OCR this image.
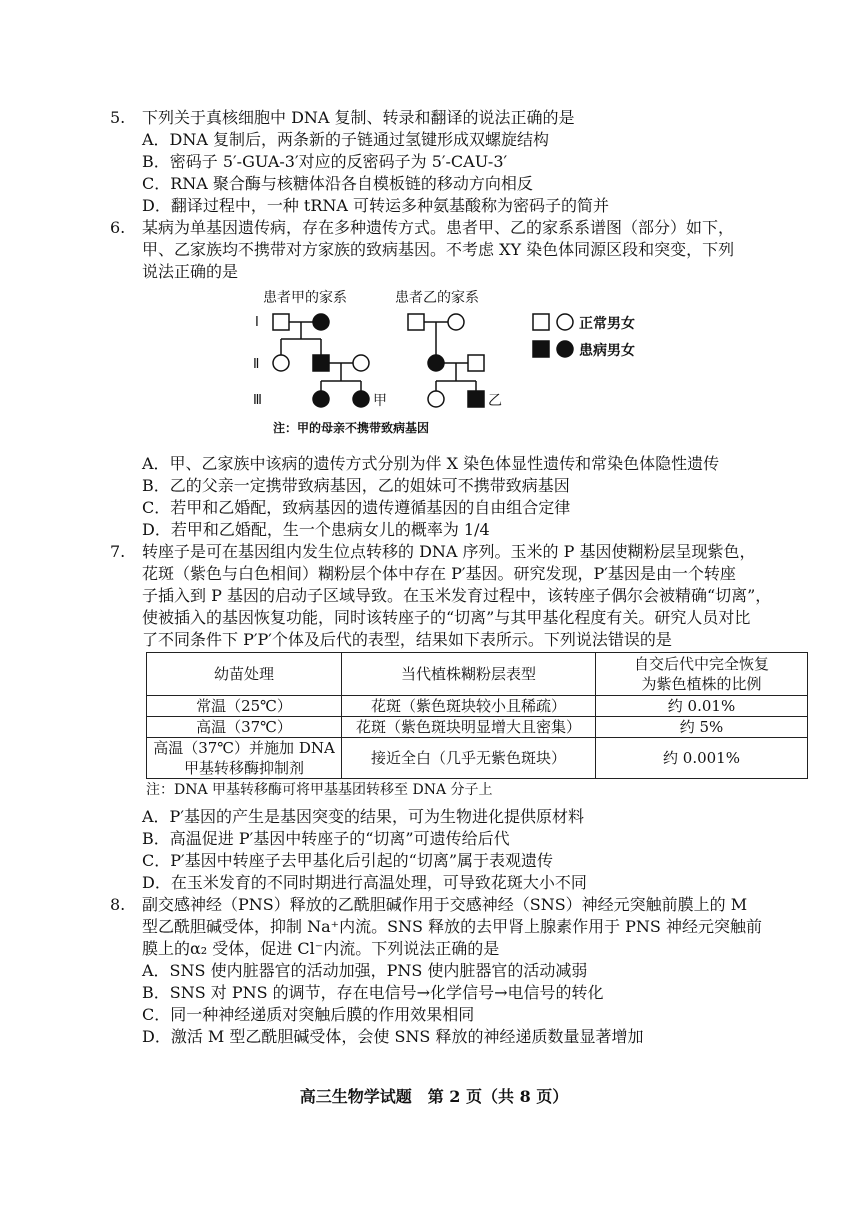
5. 下列关于真核细胞中 DNA 复制、转录和翻译的说法正确的是
A．DNA 复制后，两条新的子链通过氢键形成双螺旋结构
B．密码子 5′-GUA-3′对应的反密码子为 5′-CAU-3′
C．RNA 聚合酶与核糖体沿各自模板链的移动方向相反
D．翻译过程中，一种 tRNA 可转运多种氨基酸称为密码子的简并
6. 某病为单基因遗传病，存在多种遗传方式。患者甲、乙的家系系谱图（部分）如下，
甲、乙家族均不携带对方家族的致病基因。不考虑 XY 染色体同源区段和突变，下列
说法正确的是
患者甲的家系	患者乙的家系
Ⅰ
Ⅱ
Ⅲ	甲	乙
正常男女
患病男女
注：甲的母亲不携带致病基因
A．甲、乙家族中该病的遗传方式分别为伴 X 染色体显性遗传和常染色体隐性遗传
B．乙的父亲一定携带致病基因，乙的姐妹可不携带致病基因
C．若甲和乙婚配，致病基因的遗传遵循基因的自由组合定律
D．若甲和乙婚配，生一个患病女儿的概率为 1/4
7. 转座子是可在基因组内发生位点转移的 DNA 序列。玉米的 P 基因使糊粉层呈现紫色，
花斑（紫色与白色相间）糊粉层个体中存在 P′基因。研究发现，P′基因是由一个转座
子插入到 P 基因的启动子区域导致。在玉米发育过程中，该转座子偶尔会被精确“切离”，
使被插入的基因恢复功能，同时该转座子的“切离”与其甲基化程度有关。研究人员对比
了不同条件下 P′P′个体及后代的表型，结果如下表所示。下列说法错误的是
幼苗处理	当代植株糊粉层表型	自交后代中完全恢复
为紫色植株的比例

常温（25℃）	花斑（紫色斑块较小且稀疏）	约 0.01%
高温（37℃）	花斑（紫色斑块明显增大且密集）	约 5%

高温（37℃）并施加 DNA
甲基转移酶抑制剂	接近全白（几乎无紫色斑块）	约 0.001%
注：DNA 甲基转移酶可将甲基基团转移至 DNA 分子上
A．P′基因的产生是基因突变的结果，可为生物进化提供原材料
B．高温促进 P′基因中转座子的“切离”可遗传给后代
C．P′基因中转座子去甲基化后引起的“切离”属于表观遗传
D．在玉米发育的不同时期进行高温处理，可导致花斑大小不同
8. 副交感神经（PNS）释放的乙酰胆碱作用于交感神经（SNS）神经元突触前膜上的 M
型乙酰胆碱受体，抑制 Na⁺内流。SNS 释放的去甲肾上腺素作用于 PNS 神经元突触前
膜上的α₂ 受体，促进 Cl⁻内流。下列说法正确的是
A．SNS 使内脏器官的活动加强，PNS 使内脏器官的活动减弱
B．SNS 对 PNS 的调节，存在电信号→化学信号→电信号的转化
C．同一种神经递质对突触后膜的作用效果相同
D．激活 M 型乙酰胆碱受体，会使 SNS 释放的神经递质数量显著增加
高三生物学试题　第 2 页（共 8 页）
